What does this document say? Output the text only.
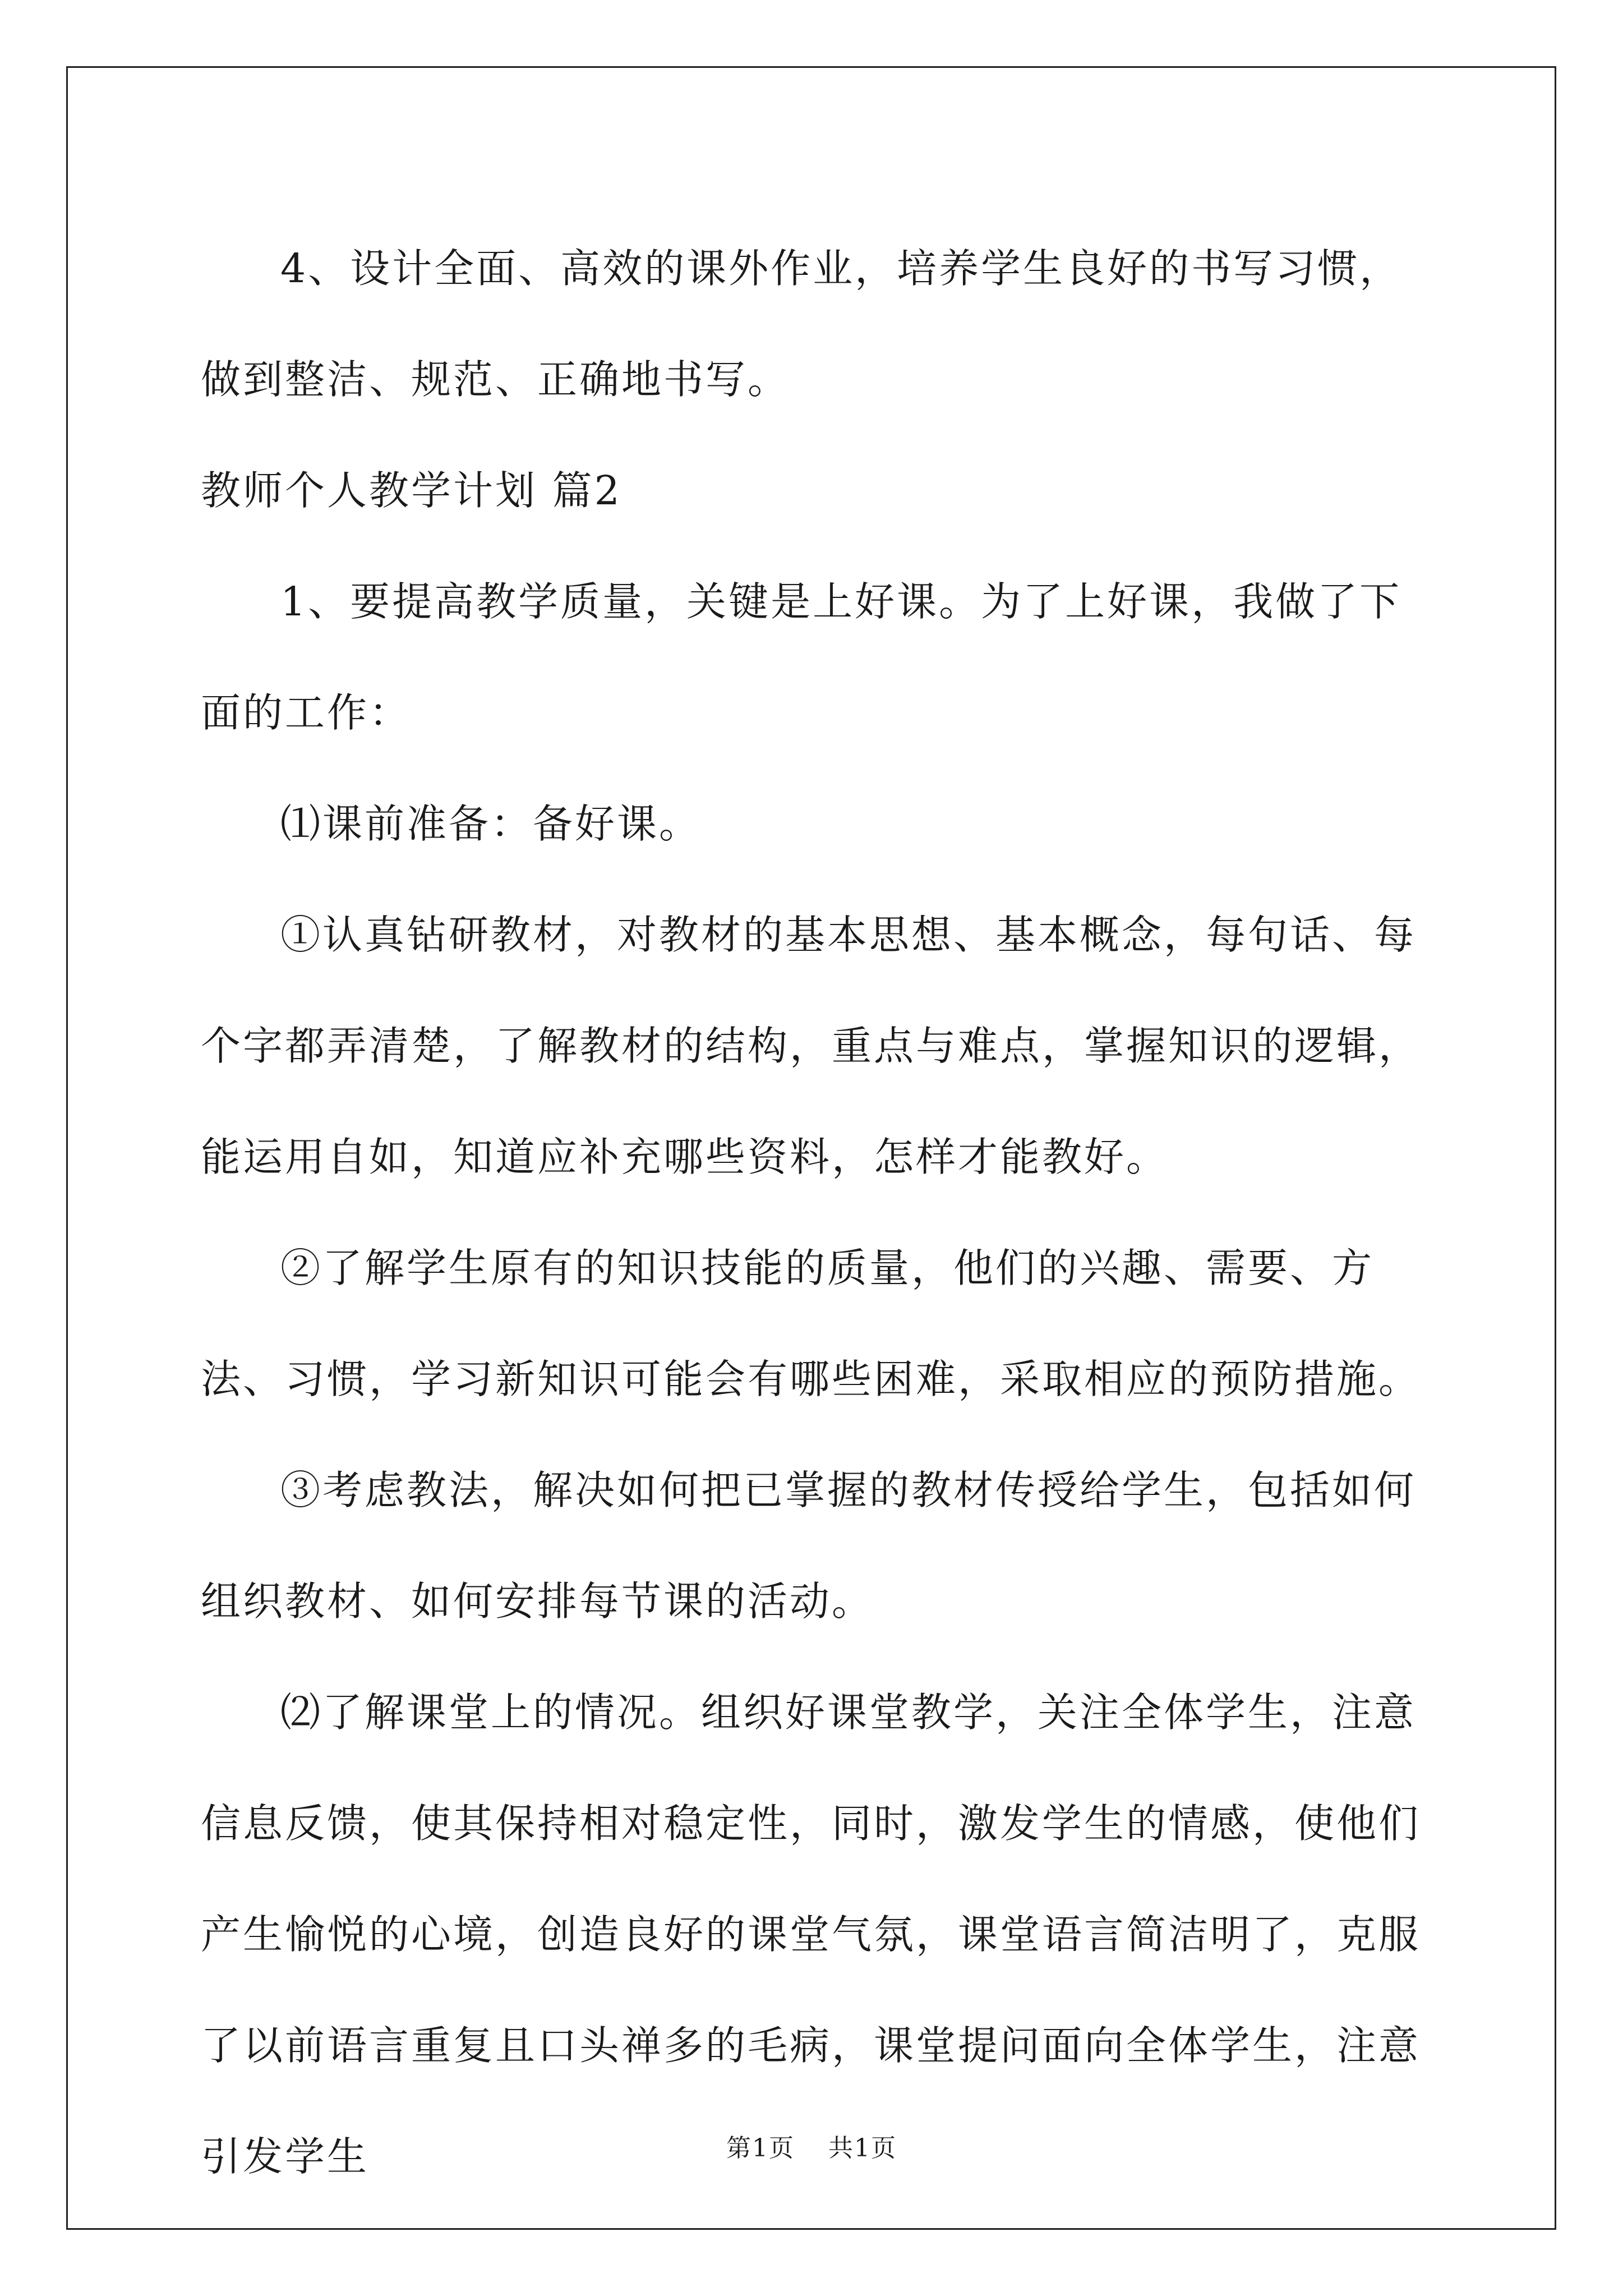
4、设计全面、高效的课外作业，培养学生良好的书写习惯，做到整洁、规范、正确地书写。

教师个人教学计划 篇2

1、要提高教学质量，关键是上好课。为了上好课，我做了下面的工作：

⑴课前准备：备好课。

①认真钻研教材，对教材的基本思想、基本概念，每句话、每个字都弄清楚，了解教材的结构，重点与难点，掌握知识的逻辑，能运用自如，知道应补充哪些资料，怎样才能教好。

②了解学生原有的知识技能的质量，他们的兴趣、需要、方法、习惯，学习新知识可能会有哪些困难，采取相应的预防措施。

③考虑教法，解决如何把已掌握的教材传授给学生，包括如何组织教材、如何安排每节课的活动。

⑵了解课堂上的情况。组织好课堂教学，关注全体学生，注意信息反馈，使其保持相对稳定性，同时，激发学生的情感，使他们产生愉悦的心境，创造良好的课堂气氛，课堂语言简洁明了，克服了以前语言重复且口头禅多的毛病，课堂提问面向全体学生，注意引发学生	第1页 共1页
